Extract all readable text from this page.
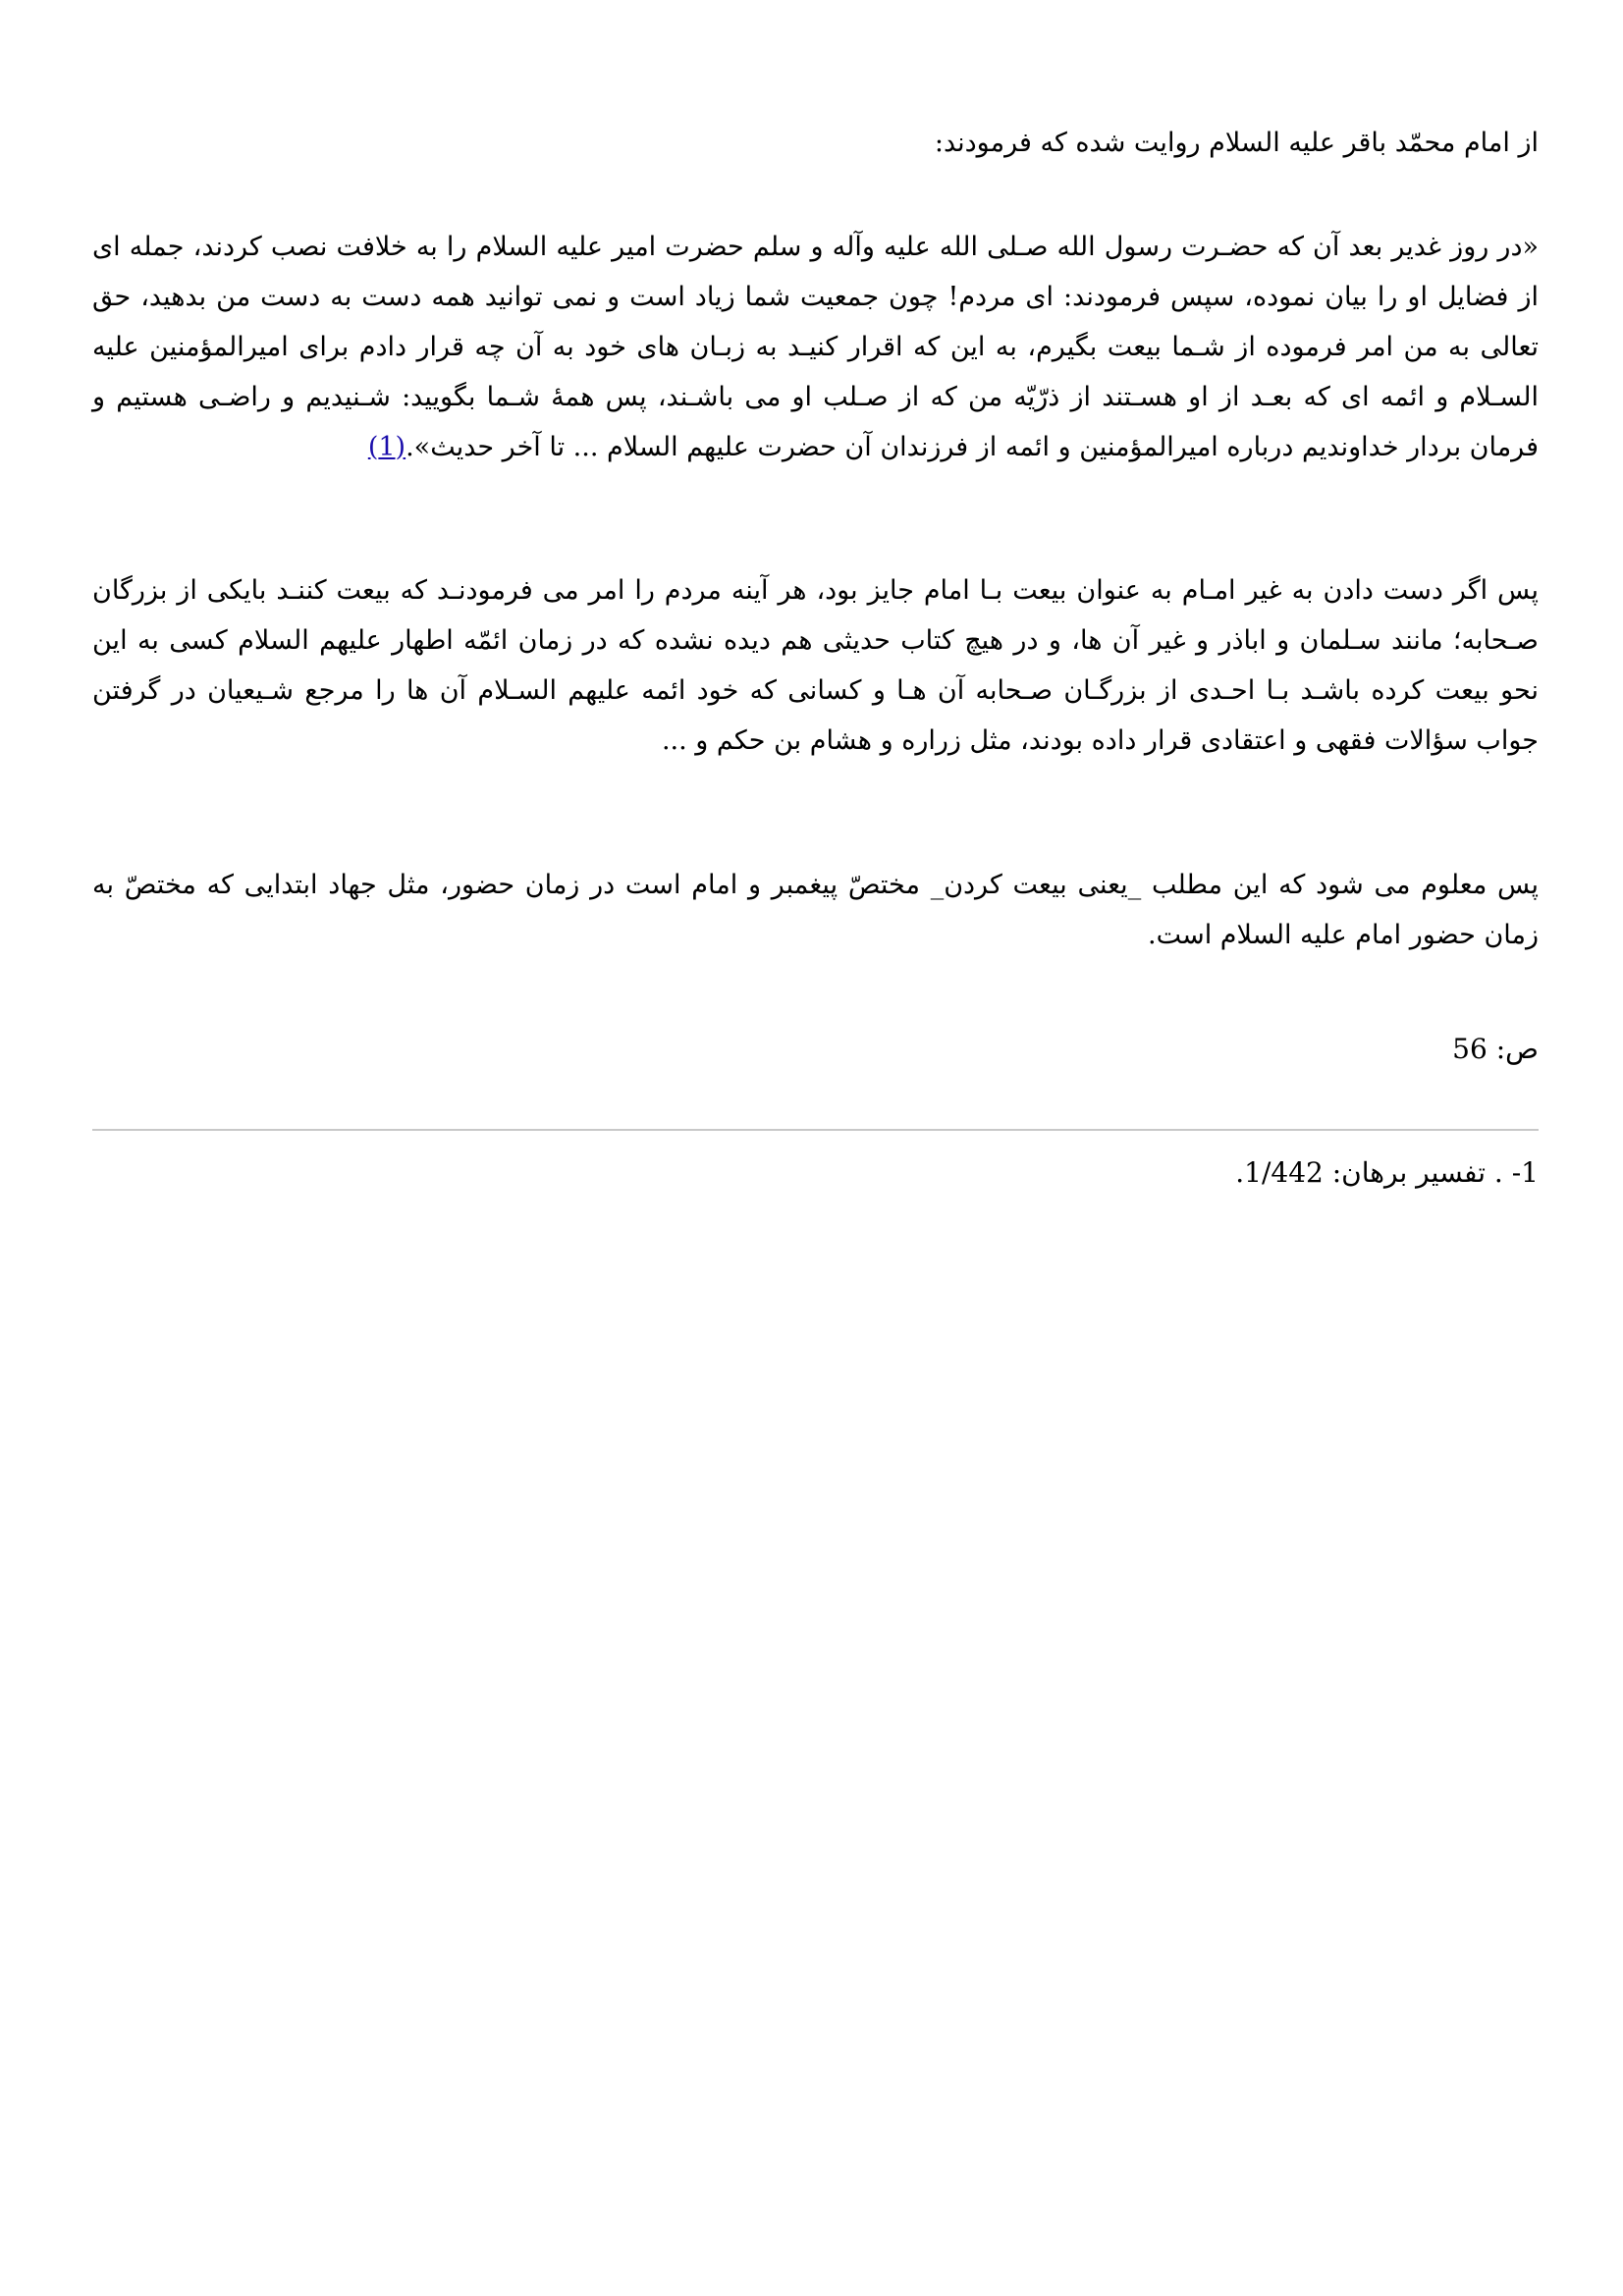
از امام محمّد باقر علیه السلام روایت شده که فرمودند:

«در روز غدیر بعد آن که حضـرت رسول الله صـلی الله علیه وآله و سلم حضرت امیر علیه السلام را به خلافت نصب کردند، جمله ای از فضایل او را بیان نموده، سپس فرمودند: ای مردم! چون جمعیت شما زیاد است و نمی توانید همه دست به دست من بدهید، حق تعالی به من امر فرموده از شـما بیعت بگیرم، به این که اقرار کنیـد به زبـان های خود به آن چه قرار دادم برای امیرالمؤمنین علیه السـلام و ائمه ای که بعـد از او هسـتند از ذرّیّه من که از صـلب او می باشـند، پس همهٔ شـما بگویید: شـنیدیم و راضـی هستیم و فرمان بردار خداوندیم درباره امیرالمؤمنین و ائمه از فرزندان آن حضرت علیهم السلام ... تا آخر حدیث».(1)

پس اگر دست دادن به غیر امـام به عنوان بیعت بـا امام جایز بود، هر آینه مردم را امر می فرمودنـد که بیعت کننـد بایکی از بزرگان صـحابه؛ مانند سـلمان و اباذر و غیر آن ها، و در هیچ کتاب حدیثی هم دیده نشده که در زمان ائمّه اطهار علیهم السلام کسی به این نحو بیعت کرده باشـد بـا احـدی از بزرگـان صـحابه آن هـا و کسانی که خود ائمه علیهم السـلام آن ها را مرجع شـیعیان در گرفتن جواب سؤالات فقهی و اعتقادی قرار داده بودند، مثل زراره و هشام بن حکم و ...

پس معلوم می شود که این مطلب _یعنی بیعت کردن_ مختصّ پیغمبر و امام است در زمان حضور، مثل جهاد ابتدایی که مختصّ به زمان حضور امام علیه السلام است.

ص: 56
1- . تفسیر برهان: 1/442.
